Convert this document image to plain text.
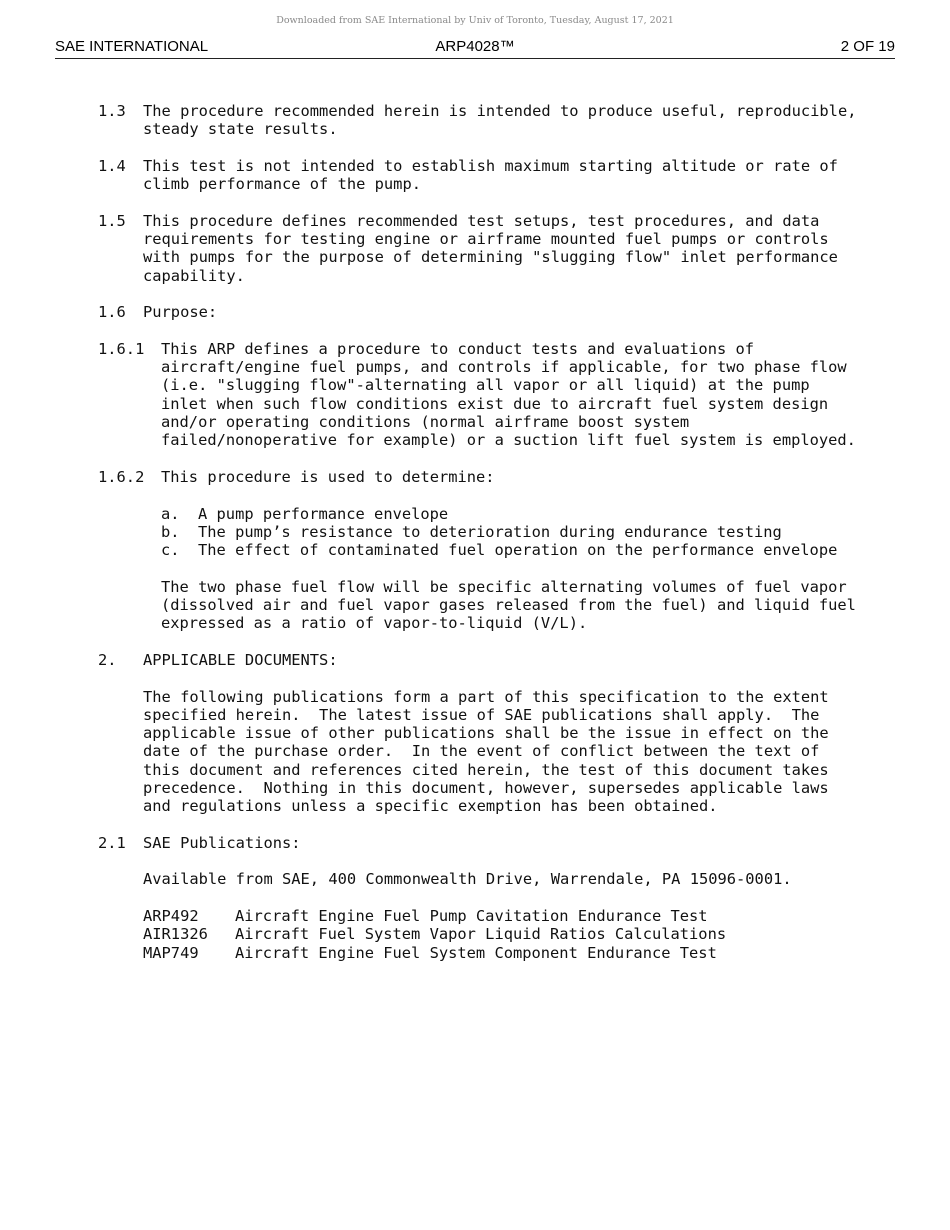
Downloaded from SAE International by Univ of Toronto, Tuesday, August 17, 2021
SAE INTERNATIONAL	ARP4028™	2 OF 19
1.3	The procedure recommended herein is intended to produce useful, reproducible,
steady state results.
1.4	This test is not intended to establish maximum starting altitude or rate of
climb performance of the pump.
1.5	This procedure defines recommended test setups, test procedures, and data
requirements for testing engine or airframe mounted fuel pumps or controls
with pumps for the purpose of determining "slugging flow" inlet performance
capability.
1.6	Purpose:
1.6.1	This ARP defines a procedure to conduct tests and evaluations of
aircraft/engine fuel pumps, and controls if applicable, for two phase flow
(i.e. "slugging flow"-alternating all vapor or all liquid) at the pump
inlet when such flow conditions exist due to aircraft fuel system design
and/or operating conditions (normal airframe boost system
failed/nonoperative for example) or a suction lift fuel system is employed.
1.6.2	This procedure is used to determine:
a.	A pump performance envelope
b.	The pump’s resistance to deterioration during endurance testing
c.	The effect of contaminated fuel operation on the performance envelope
The two phase fuel flow will be specific alternating volumes of fuel vapor
(dissolved air and fuel vapor gases released from the fuel) and liquid fuel
expressed as a ratio of vapor-to-liquid (V/L).
2.	APPLICABLE DOCUMENTS:
The following publications form a part of this specification to the extent
specified herein.  The latest issue of SAE publications shall apply.  The
applicable issue of other publications shall be the issue in effect on the
date of the purchase order.  In the event of conflict between the text of
this document and references cited herein, the test of this document takes
precedence.  Nothing in this document, however, supersedes applicable laws
and regulations unless a specific exemption has been obtained.
2.1	SAE Publications:
Available from SAE, 400 Commonwealth Drive, Warrendale, PA 15096-0001.
ARP492	Aircraft Engine Fuel Pump Cavitation Endurance Test
AIR1326	Aircraft Fuel System Vapor Liquid Ratios Calculations
MAP749	Aircraft Engine Fuel System Component Endurance Test
